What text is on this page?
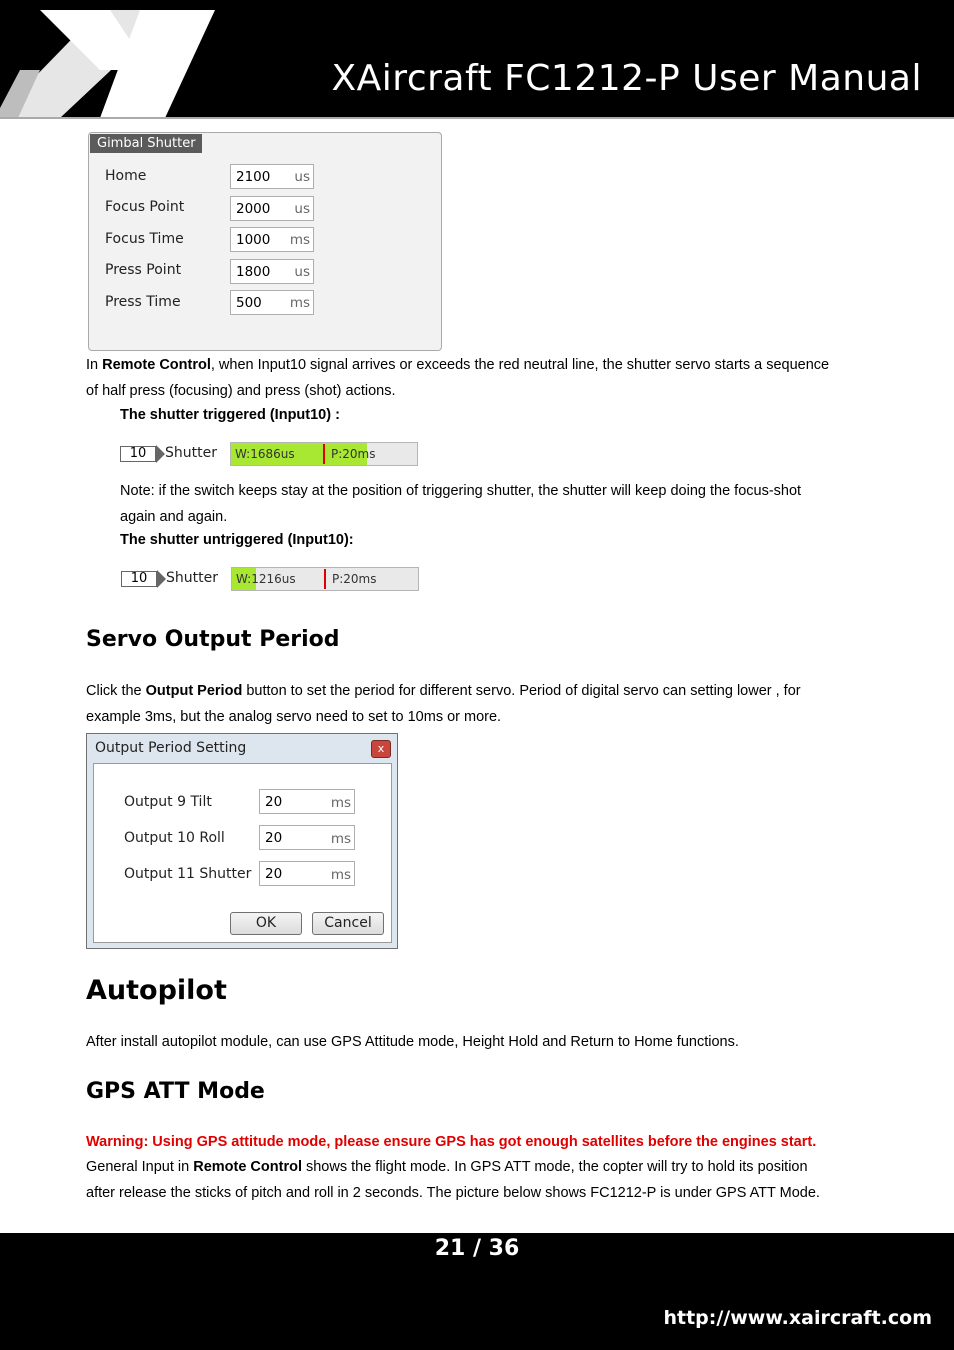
XAircraft FC1212-P User Manual
Gimbal Shutter
Home	2100 us
Focus Point	2000 us
Focus Time	1000 ms
Press Point	1800 us
Press Time	500 ms
In Remote Control, when Input10 signal arrives or exceeds the red neutral line, the shutter servo starts a sequence
of half press (focusing) and press (shot) actions.
The shutter triggered (Input10) :
10	Shutter W:1686us	P:20ms
Note: if the switch keeps stay at the position of triggering shutter, the shutter will keep doing the focus-shot
again and again.
The shutter untriggered (Input10):
10	Shutter W:1216us	P:20ms
Servo Output Period
Click the Output Period button to set the period for different servo. Period of digital servo can setting lower , for
example 3ms, but the analog servo need to set to 10ms or more.
Output Period Setting	x
Output 9 Tilt	20	ms
Output 10 Roll	20	ms
Output 11 Shutter 20	ms
OK	Cancel
Autopilot
After install autopilot module, can use GPS Attitude mode, Height Hold and Return to Home functions.
GPS ATT Mode
Warning: Using GPS attitude mode, please ensure GPS has got enough satellites before the engines start.
General Input in Remote Control shows the flight mode. In GPS ATT mode, the copter will try to hold its position
after release the sticks of pitch and roll in 2 seconds. The picture below shows FC1212-P is under GPS ATT Mode.
21 / 36
http://www.xaircraft.com
